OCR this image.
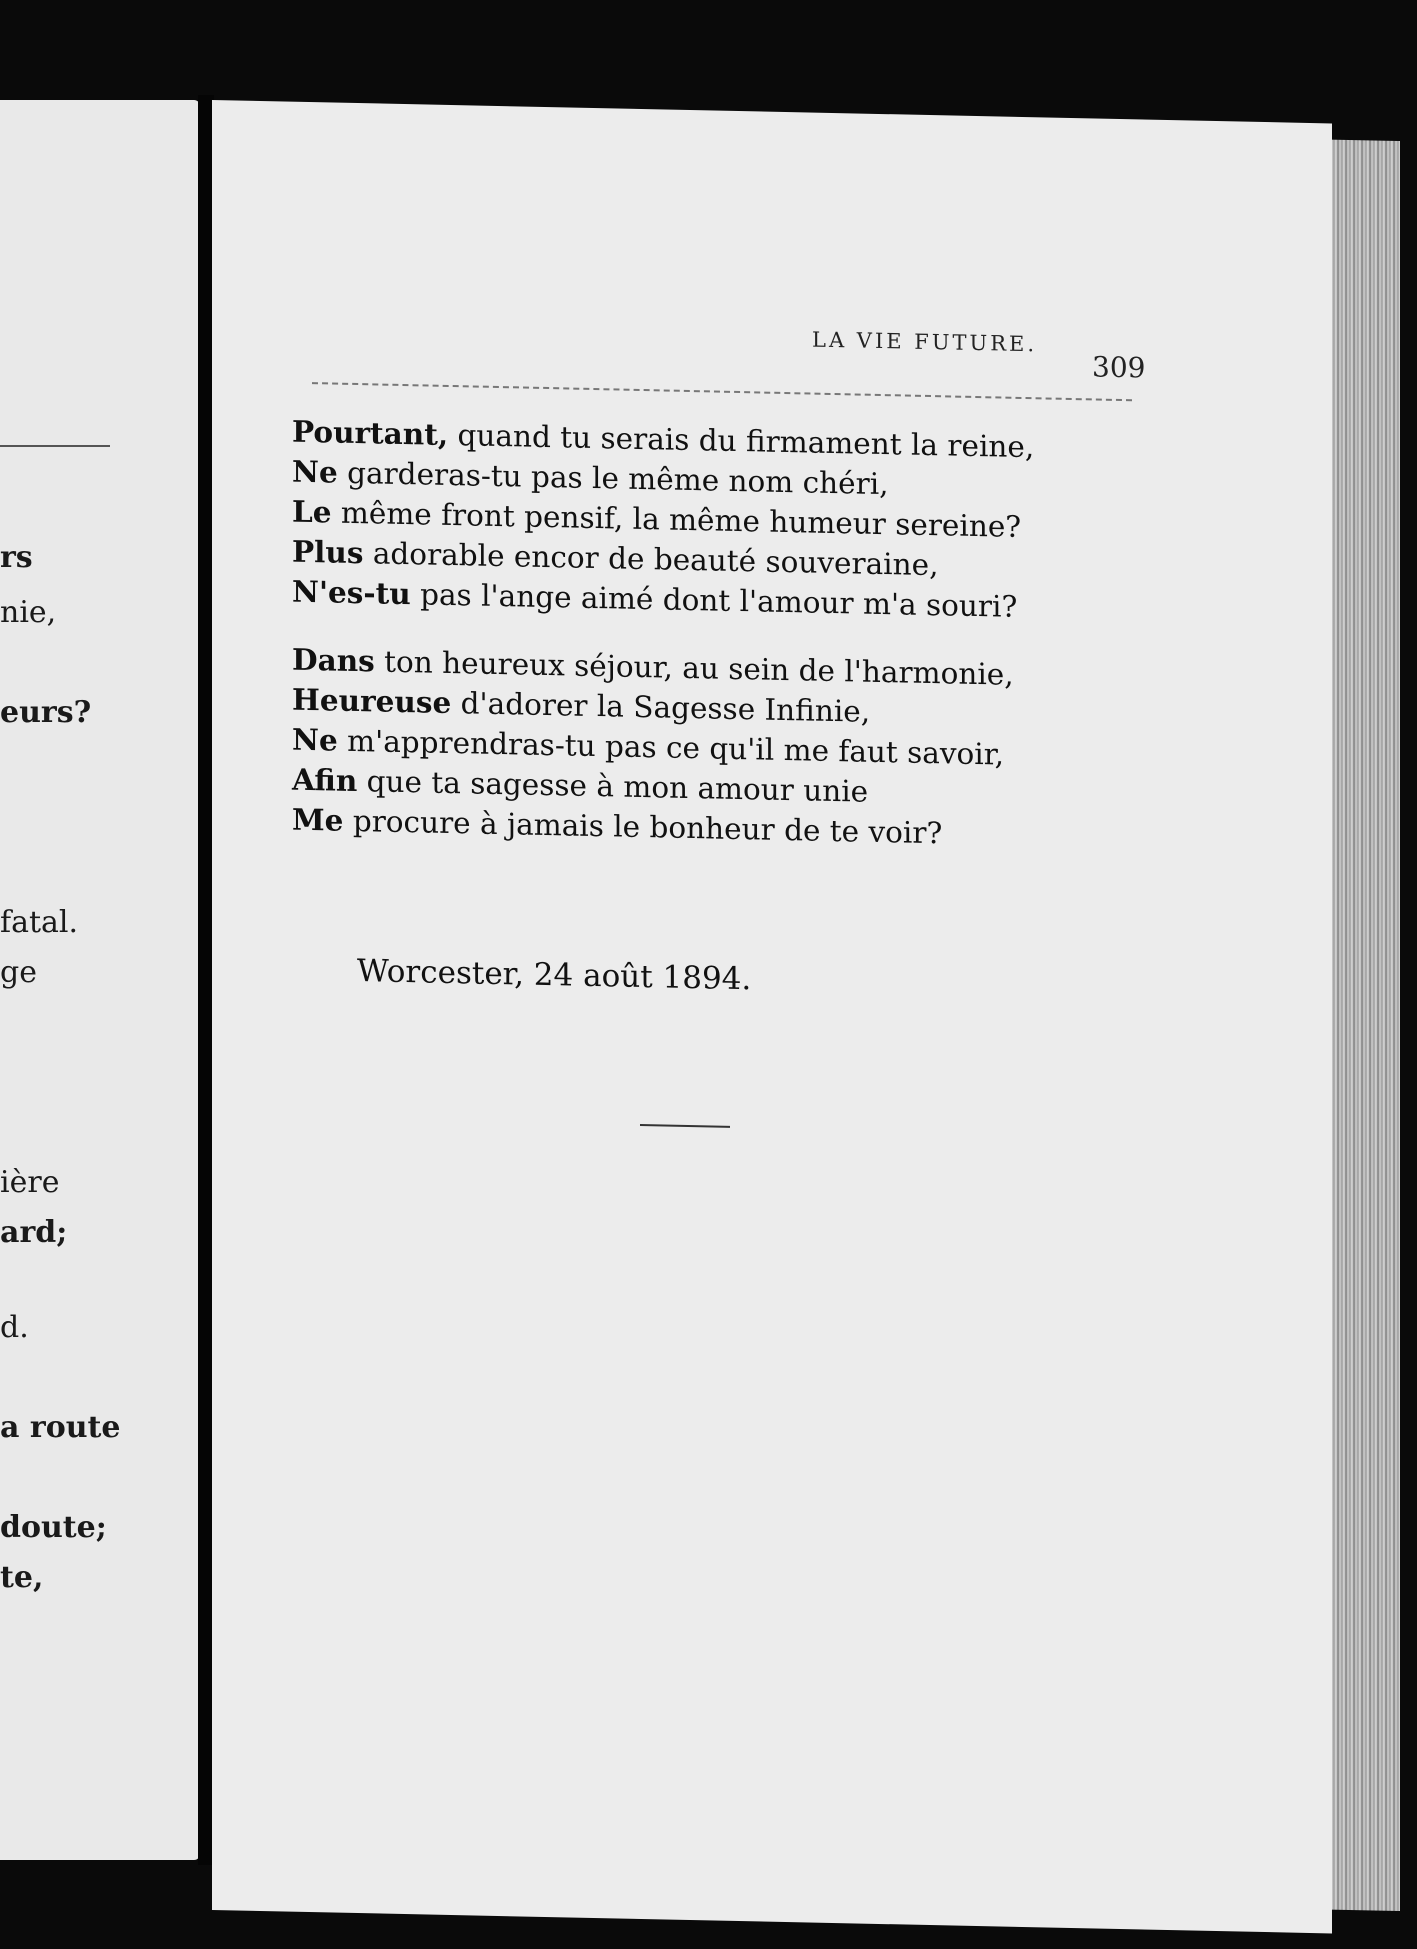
rs
nie,
eurs?
fatal.
ge
ière
ard;
d.
a route
doute;
te,
LA VIE FUTURE.
309
Pourtant, quand tu serais du firmament la reine,
Ne garderas-tu pas le même nom chéri,
Le même front pensif, la même humeur sereine?
Plus adorable encor de beauté souveraine,
N'es-tu pas l'ange aimé dont l'amour m'a souri?
Dans ton heureux séjour, au sein de l'harmonie,
Heureuse d'adorer la Sagesse Infinie,
Ne m'apprendras-tu pas ce qu'il me faut savoir,
Afin que ta sagesse à mon amour unie
Me procure à jamais le bonheur de te voir?
Worcester, 24 août 1894.
